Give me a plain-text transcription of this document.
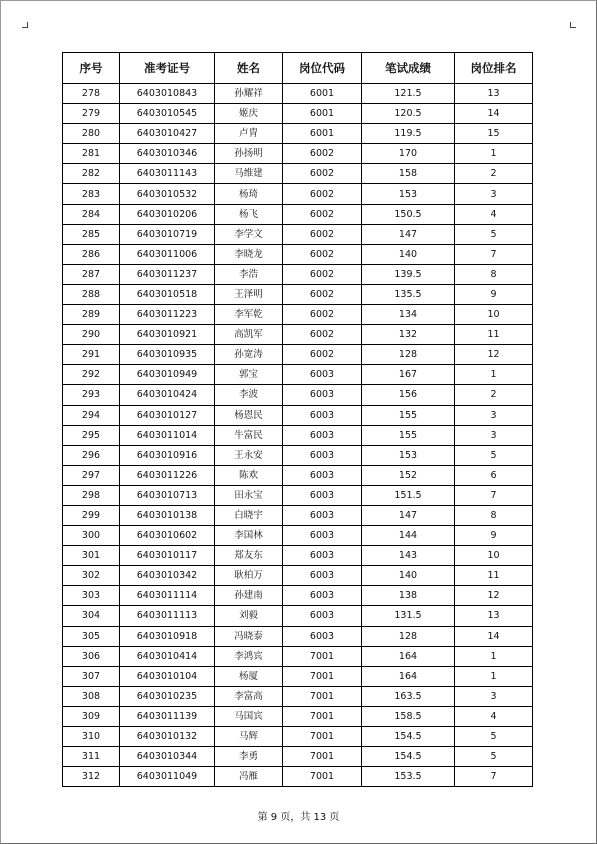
序号	准考证号	姓名	岗位代码	笔试成绩	岗位排名
278	6403010843	孙耀祥	6001	121.5	13
279	6403010545	姬庆	6001	120.5	14
280	6403010427	卢胄	6001	119.5	15
281	6403010346	孙扬明	6002	170	1
282	6403011143	马维建	6002	158	2
283	6403010532	杨琦	6002	153	3
284	6403010206	杨飞	6002	150.5	4
285	6403010719	李学文	6002	147	5
286	6403011006	李晓龙	6002	140	7
287	6403011237	李浩	6002	139.5	8
288	6403010518	王泽明	6002	135.5	9
289	6403011223	李军乾	6002	134	10
290	6403010921	高凯军	6002	132	11
291	6403010935	孙宽涛	6002	128	12
292	6403010949	郭宝	6003	167	1
293	6403010424	李波	6003	156	2
294	6403010127	杨恩民	6003	155	3
295	6403011014	牛富民	6003	155	3
296	6403010916	王永安	6003	153	5
297	6403011226	陈欢	6003	152	6
298	6403010713	田永宝	6003	151.5	7
299	6403010138	白晓宇	6003	147	8
300	6403010602	李国林	6003	144	9
301	6403010117	郑友东	6003	143	10
302	6403010342	耿柏万	6003	140	11
303	6403011114	孙建南	6003	138	12
304	6403011113	刘毅	6003	131.5	13
305	6403010918	冯晓泰	6003	128	14
306	6403010414	李鸿宾	7001	164	1
307	6403010104	杨厦	7001	164	1
308	6403010235	李富高	7001	163.5	3
309	6403011139	马国宾	7001	158.5	4
310	6403010132	马辉	7001	154.5	5
311	6403010344	李勇	7001	154.5	5
312	6403011049	冯雁	7001	153.5	7
第 9 页，共 13 页
